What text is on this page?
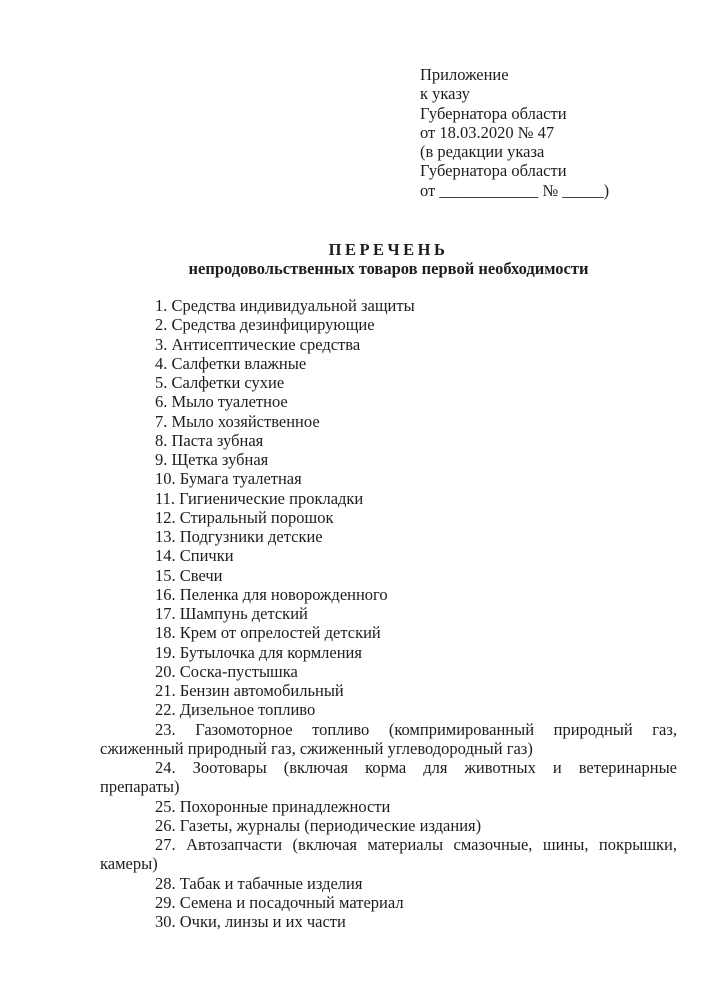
Приложение
к указу
Губернатора области
от 18.03.2020 № 47
(в редакции указа
Губернатора области
от ____________ № _____)
ПЕРЕЧЕНЬ
непродовольственных товаров первой необходимости
1. Средства индивидуальной защиты
2. Средства дезинфицирующие
3. Антисептические средства
4. Салфетки влажные
5. Салфетки сухие
6. Мыло туалетное
7. Мыло хозяйственное
8. Паста зубная
9. Щетка зубная
10. Бумага туалетная
11. Гигиенические прокладки
12. Стиральный порошок
13. Подгузники детские
14. Спички
15. Свечи
16. Пеленка для новорожденного
17. Шампунь детский
18. Крем от опрелостей детский
19. Бутылочка для кормления
20. Соска-пустышка
21. Бензин автомобильный
22. Дизельное топливо
23. Газомоторное топливо (компримированный природный газ,
сжиженный природный газ, сжиженный углеводородный газ)
24. Зоотовары (включая корма для животных и ветеринарные
препараты)
25. Похоронные принадлежности
26. Газеты, журналы (периодические издания)
27. Автозапчасти (включая материалы смазочные, шины, покрышки,
камеры)
28. Табак и табачные изделия
29. Семена и посадочный материал
30. Очки, линзы и их части
